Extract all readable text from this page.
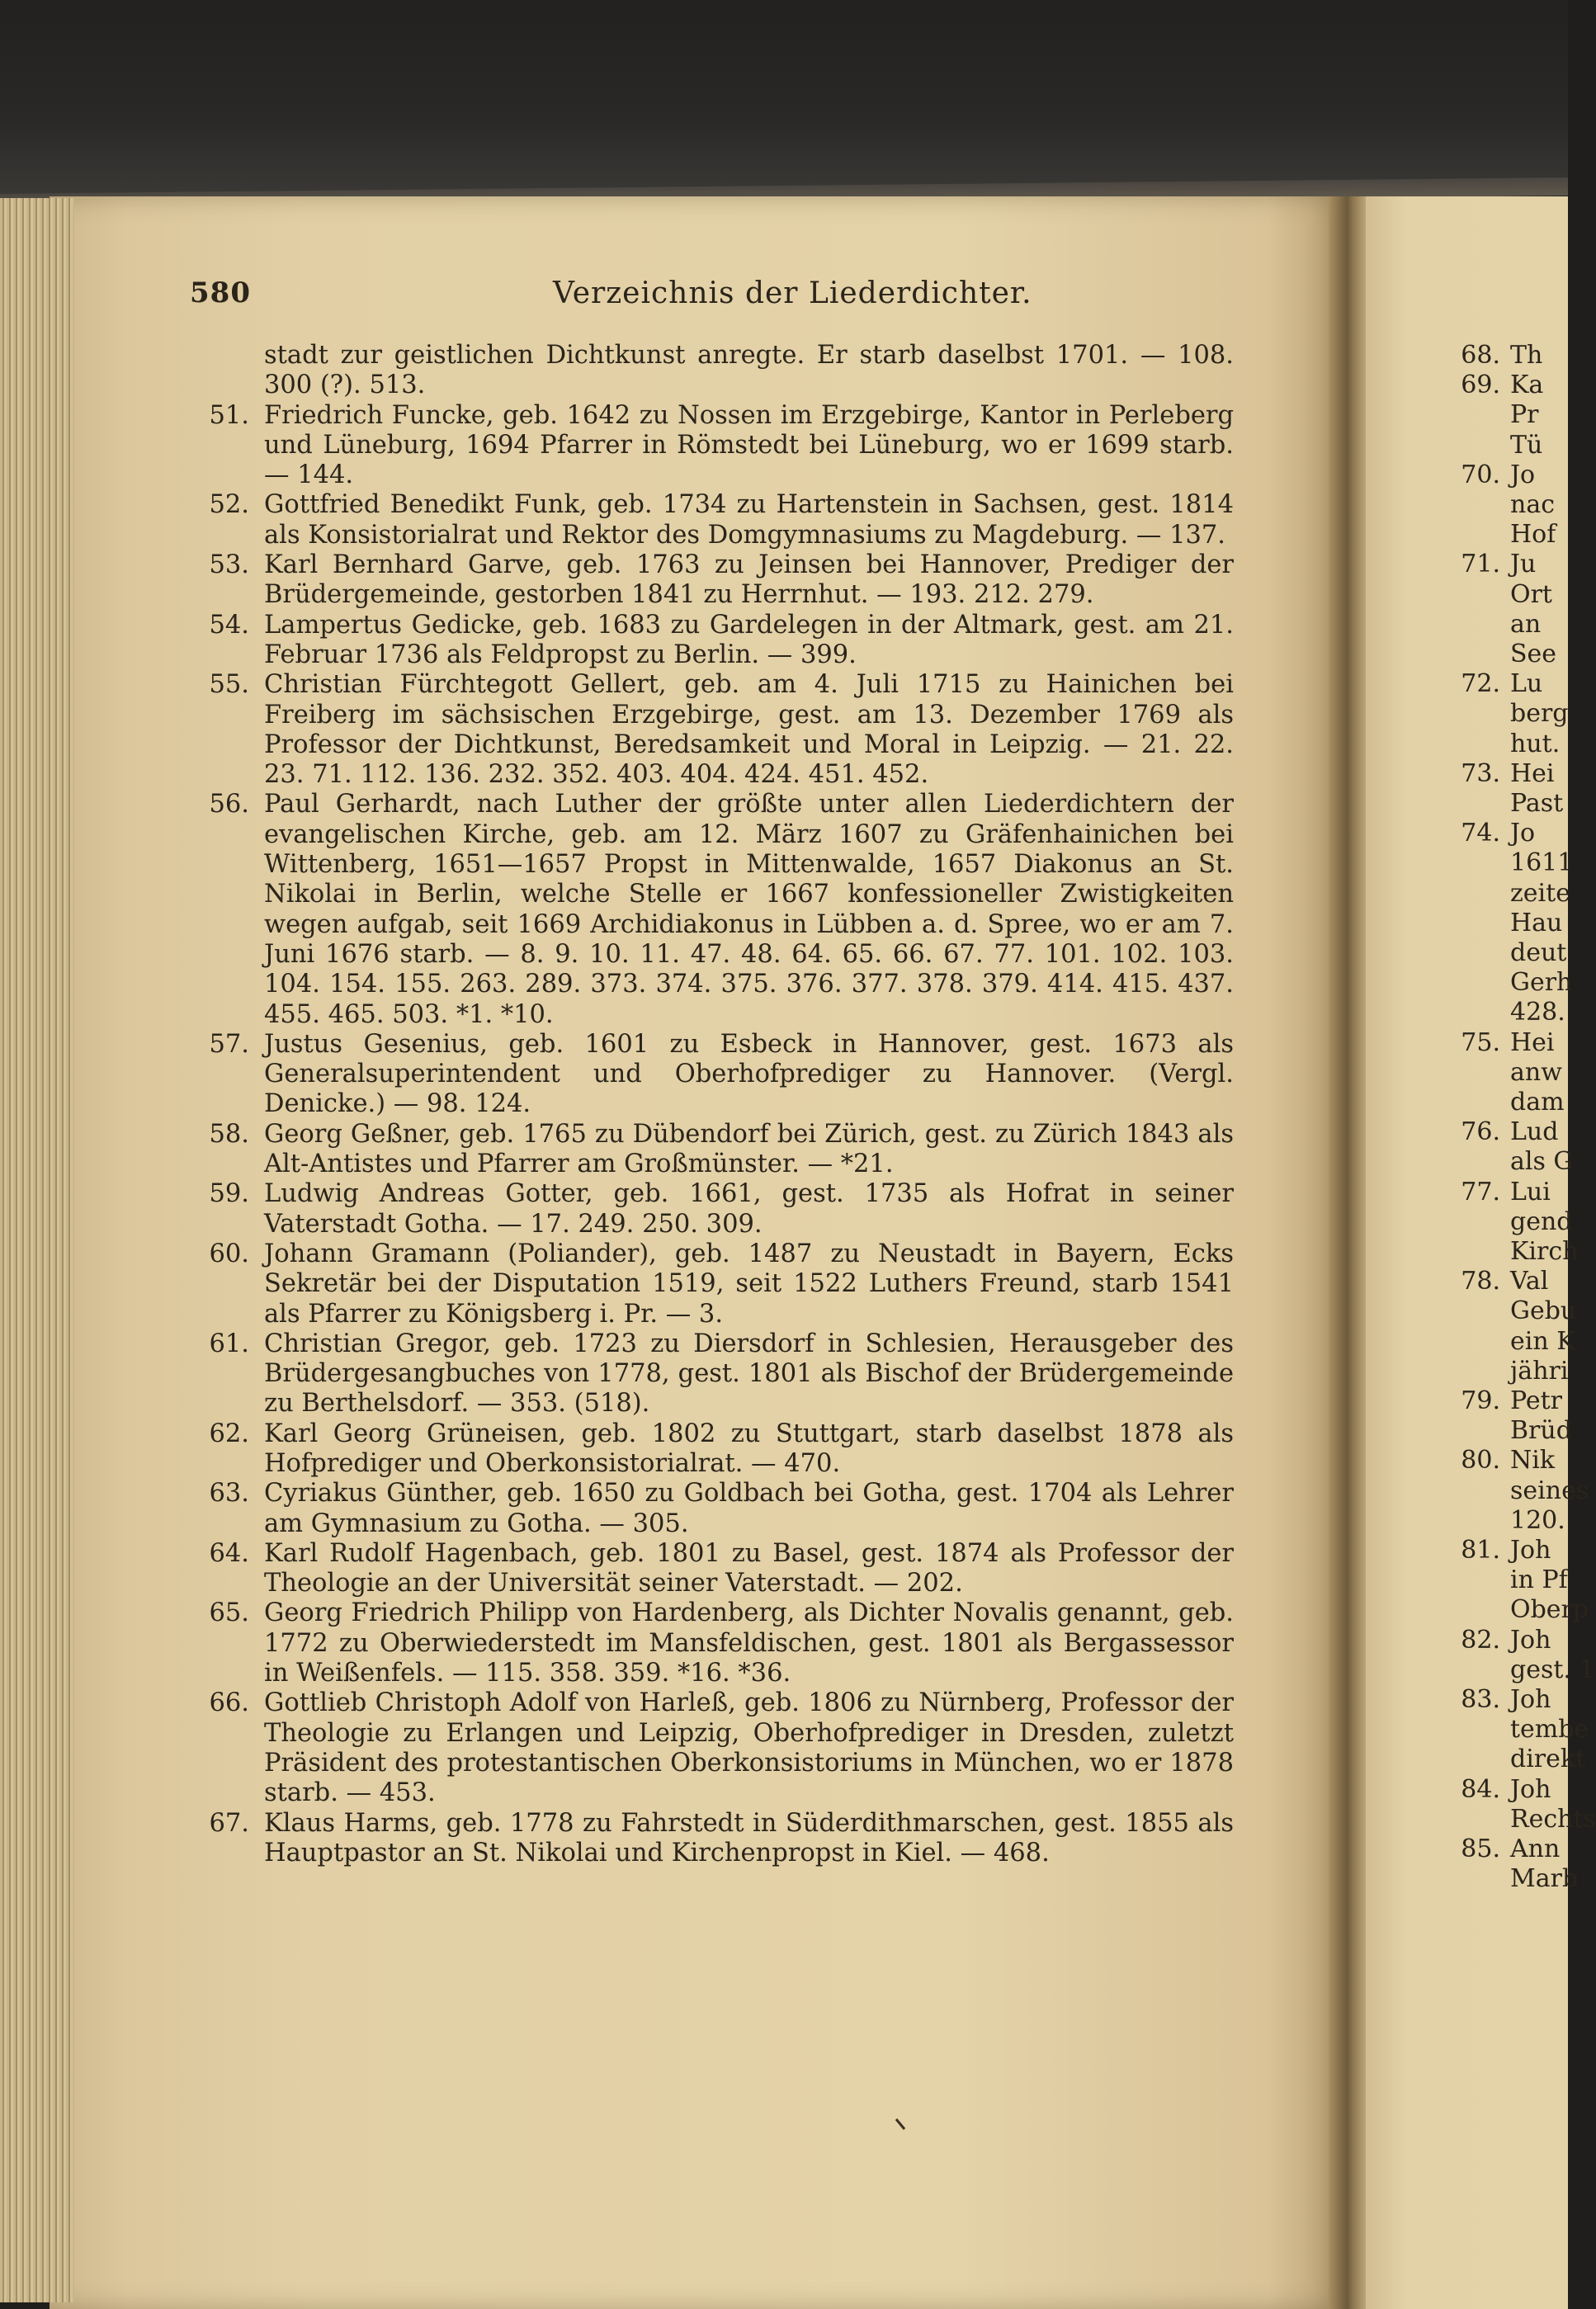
580	Verzeichnis der Liederdichter.
stadt zur geistlichen Dichtkunst anregte. Er starb daselbst 1701. — 108. 300 (?). 513.
51. Friedrich Funcke, geb. 1642 zu Nossen im Erzgebirge, Kantor in Perleberg und Lüneburg, 1694 Pfarrer in Römstedt bei Lüneburg, wo er 1699 starb. — 144.
52. Gottfried Benedikt Funk, geb. 1734 zu Hartenstein in Sachsen, gest. 1814 als Konsistorialrat und Rektor des Domgymnasiums zu Magdeburg. — 137.
53. Karl Bernhard Garve, geb. 1763 zu Jeinsen bei Hannover, Prediger der Brüdergemeinde, gestorben 1841 zu Herrnhut. — 193. 212. 279.
54. Lampertus Gedicke, geb. 1683 zu Gardelegen in der Altmark, gest. am 21. Februar 1736 als Feldpropst zu Berlin. — 399.
55. Christian Fürchtegott Gellert, geb. am 4. Juli 1715 zu Hainichen bei Freiberg im sächsischen Erzgebirge, gest. am 13. Dezember 1769 als Professor der Dichtkunst, Beredsamkeit und Moral in Leipzig. — 21. 22. 23. 71. 112. 136. 232. 352. 403. 404. 424. 451. 452.
56. Paul Gerhardt, nach Luther der größte unter allen Liederdichtern der evangelischen Kirche, geb. am 12. März 1607 zu Gräfenhainichen bei Wittenberg, 1651—1657 Propst in Mittenwalde, 1657 Diakonus an St. Nikolai in Berlin, welche Stelle er 1667 konfessioneller Zwistigkeiten wegen aufgab, seit 1669 Archidiakonus in Lübben a. d. Spree, wo er am 7. Juni 1676 starb. — 8. 9. 10. 11. 47. 48. 64. 65. 66. 67. 77. 101. 102. 103. 104. 154. 155. 263. 289. 373. 374. 375. 376. 377. 378. 379. 414. 415. 437. 455. 465. 503. *1. *10.
57. Justus Gesenius, geb. 1601 zu Esbeck in Hannover, gest. 1673 als Generalsuperintendent und Oberhofprediger zu Hannover. (Vergl. Denicke.) — 98. 124.
58. Georg Geßner, geb. 1765 zu Dübendorf bei Zürich, gest. zu Zürich 1843 als Alt-Antistes und Pfarrer am Großmünster. — *21.
59. Ludwig Andreas Gotter, geb. 1661, gest. 1735 als Hofrat in seiner Vaterstadt Gotha. — 17. 249. 250. 309.
60. Johann Gramann (Poliander), geb. 1487 zu Neustadt in Bayern, Ecks Sekretär bei der Disputation 1519, seit 1522 Luthers Freund, starb 1541 als Pfarrer zu Königsberg i. Pr. — 3.
61. Christian Gregor, geb. 1723 zu Diersdorf in Schlesien, Herausgeber des Brüdergesangbuches von 1778, gest. 1801 als Bischof der Brüdergemeinde zu Berthelsdorf. — 353. (518).
62. Karl Georg Grüneisen, geb. 1802 zu Stuttgart, starb daselbst 1878 als Hofprediger und Oberkonsistorialrat. — 470.
63. Cyriakus Günther, geb. 1650 zu Goldbach bei Gotha, gest. 1704 als Lehrer am Gymnasium zu Gotha. — 305.
64. Karl Rudolf Hagenbach, geb. 1801 zu Basel, gest. 1874 als Professor der Theologie an der Universität seiner Vaterstadt. — 202.
65. Georg Friedrich Philipp von Hardenberg, als Dichter Novalis genannt, geb. 1772 zu Oberwiederstedt im Mansfeldischen, gest. 1801 als Bergassessor in Weißenfels. — 115. 358. 359. *16. *36.
66. Gottlieb Christoph Adolf von Harleß, geb. 1806 zu Nürnberg, Professor der Theologie zu Erlangen und Leipzig, Oberhofprediger in Dresden, zuletzt Präsident des protestantischen Oberkonsistoriums in München, wo er 1878 starb. — 453.
67. Klaus Harms, geb. 1778 zu Fahrstedt in Süderdithmarschen, gest. 1855 als Hauptpastor an St. Nikolai und Kirchenpropst in Kiel. — 468.
68. Th
69. Ka
Pr
Tü
70. Jo
nac
Hof
71. Ju
Ort
an
See
72. Lu
berg
hut.
73. Hei
Past
74. Jo
1611
zeite
Hau
deut
Gerh
428.
75. Hei
anw
dam
76. Lud
als G
77. Lui
gend
Kirch
78. Val
Gebu
ein K
jähri
79. Petr
Brüd
80. Nik
seines
120.
81. Joh
in Pf
Oberp
82. Joh
gest. 1
83. Joh
tembe
direkt
84. Joh
Rechts
85. Ann
Marb
